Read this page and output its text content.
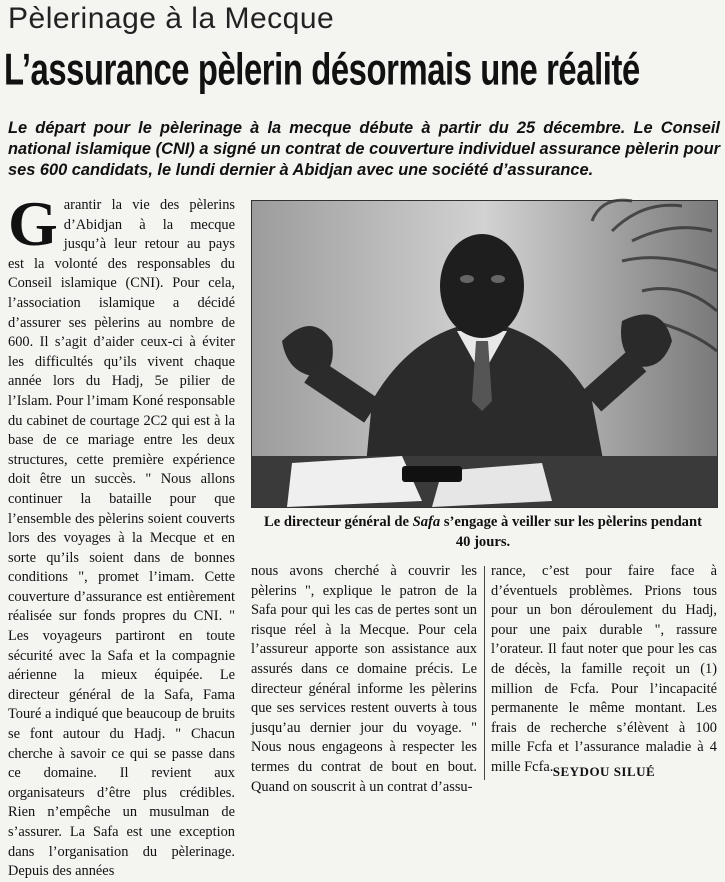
Pèlerinage à la Mecque
L’assurance pèlerin désormais une réalité

Le départ pour le pèlerinage à la mecque débute à partir du 25 décembre. Le Conseil national islamique (CNI) a signé un contrat de couverture individuel assurance pèlerin pour ses 600 candidats, le lundi dernier à Abidjan avec une société d’assurance.

G arantir la vie des pèlerins d’Abidjan à la mecque jusqu’à leur retour au pays est la volonté des responsables du Conseil islamique (CNI). Pour cela, l’association islamique a décidé d’assurer ses pèlerins au nombre de 600. Il s’agit d’aider ceux-ci à éviter les difficultés qu’ils vivent chaque année lors du Hadj, 5e pilier de l’Islam. Pour l’imam Koné responsable du cabinet de courtage 2C2 qui est à la base de ce mariage entre les deux structures, cette première expérience doit être un succès. " Nous allons continuer la bataille pour que l’ensemble des pèlerins soient couverts lors des voyages à la Mecque et en sorte qu’ils soient dans de bonnes conditions ", promet l’imam. Cette couverture d’assurance est entièrement réalisée sur fonds propres du CNI. " Les voyageurs partiront en toute sécurité avec la Safa et la compagnie aérienne la mieux équipée. Le directeur général de la Safa, Fama Touré a indiqué que beaucoup de bruits se font autour du Hadj. " Chacun cherche à savoir ce qui se passe dans ce domaine. Il revient aux organisateurs d’être plus crédibles. Rien n’empêche un musulman de s’assurer. La Safa est une exception dans l’organisation du pèlerinage. Depuis des années

Le directeur général de Safa s’engage à veiller sur les pèlerins pendant 40 jours.

nous avons cherché à couvrir les pèlerins ", explique le patron de la Safa pour qui les cas de pertes sont un risque réel à la Mecque. Pour cela l’assureur apporte son assistance aux assurés dans ce domaine précis. Le directeur général informe les pèlerins que ses services restent ouverts à tous jusqu’au dernier jour du voyage. " Nous nous engageons à respecter les termes du contrat de bout en bout. Quand on souscrit à un contrat d’assu-

rance, c’est pour faire face à d’éventuels problèmes. Prions tous pour un bon déroulement du Hadj, pour une paix durable ", rassure l’orateur. Il faut noter que pour les cas de décès, la famille reçoit un (1) million de Fcfa. Pour l’incapacité permanente le même montant. Les frais de recherche s’élèvent à 100 mille Fcfa et l’assurance maladie à 4 mille Fcfa. SEYDOU SILUÉ
